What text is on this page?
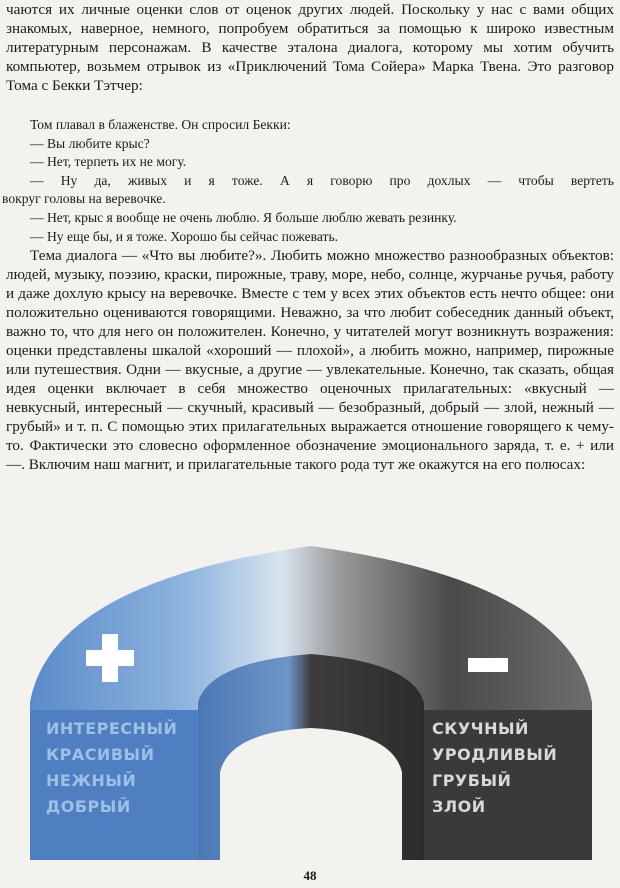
чаются их личные оценки слов от оценок других людей. Поскольку у нас с вами общих знакомых, наверное, немного, попробуем обратиться за помощью к широко известным литературным персонажам. В качестве эталона диалога, которому мы хотим обучить компьютер, возьмем отрывок из «Приключений Тома Сойера» Марка Твена. Это разговор Тома с Бекки Тэтчер:

Том плавал в блаженстве. Он спросил Бекки:
— Вы любите крыс?
— Нет, терпеть их не могу.
— Ну да, живых и я тоже. А я говорю про дохлых — чтобы вертеть
вокруг головы на веревочке.
— Нет, крыс я вообще не очень люблю. Я больше люблю жевать резинку.
— Ну еще бы, и я тоже. Хорошо бы сейчас пожевать.

Тема диалога — «Что вы любите?». Любить можно множество разнообразных объектов: людей, музыку, поэзию, краски, пирожные, траву, море, небо, солнце, журчанье ручья, работу и даже дохлую крысу на веревочке. Вместе с тем у всех этих объектов есть нечто общее: они положительно оцениваются говорящими. Неважно, за что любит собеседник данный объект, важно то, что для него он положителен. Конечно, у читателей могут возникнуть возражения: оценки представлены шкалой «хороший — плохой», а любить можно, например, пирожные или путешествия. Одни — вкусные, а другие — увлекательные. Конечно, так сказать, общая идея оценки включает в себя множество оценочных прилагательных: «вкусный — невкусный, интересный — скучный, красивый — безобразный, добрый — злой, нежный — грубый» и т. п. С помощью этих прилагательных выражается отношение говорящего к чему-то. Фактически это словесно оформленное обозначение эмоционального заряда, т. е. + или —. Включим наш магнит, и прилагательные такого рода тут же окажутся на его полюсах:

ИНТЕРЕСНЫЙ
КРАСИВЫЙ
НЕЖНЫЙ
ДОБРЫЙ
СКУЧНЫЙ
УРОДЛИВЫЙ
ГРУБЫЙ
ЗЛОЙ
48
